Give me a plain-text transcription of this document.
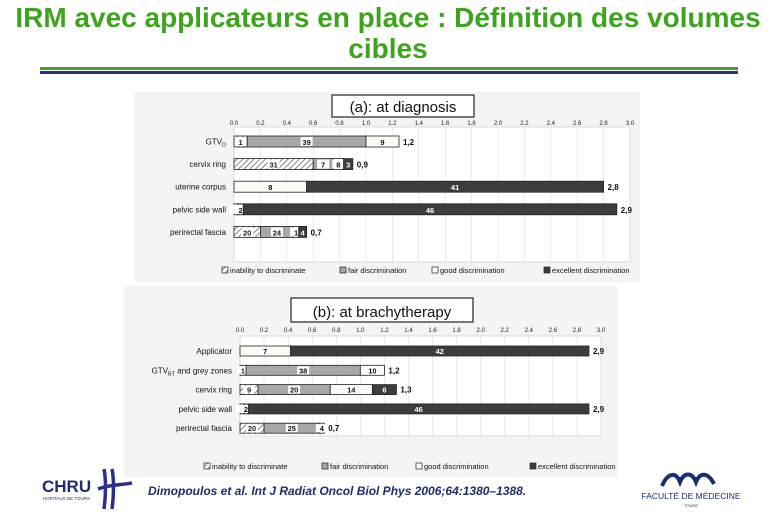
IRM avec applicateurs en place : Définition des volumes cibles
(a): at diagnosis
0.0	0.2	0.4	0.6	0.8	1.0	1.2	1.4	1.6	1.8	2.0	2.2	2.4	2.6	2.8	3.0
$GTV_D$ 1	39	9 1,2
cervix ring	31	7 8 3 0,9
uterine corpus	8	41	2,8
pelvic side wall 2	46	2,9
perirectal fascia 20	24 1 4 0,7
inability to discriminate	fair discrimination	good discrimination	excellent discrimination
(b): at brachytherapy
0.0	0.2	0.4	0.6	0.8	1.0	1.2	1.4	1.6	1.8	2.0	2.2	2.4	2.6	2.8	3.0
Applicator	7	42	2,9
$GTV_{BT}$ and grey zones 1	38	10 1,2
cervix ring 9	20	14	6 1,3
pelvic side wall 2	46	2,9
perirectal fascia 20	25	4 0,7
inability to discriminate	fair discrimination	good discrimination	excellent discrimination
CHRU
HOPITAUX DE TOURS
Dimopoulos et al. Int J Radiat Oncol Biol Phys 2006;64:1380–1388.	FACULTÉ DE MÉDECINE
TOURS
